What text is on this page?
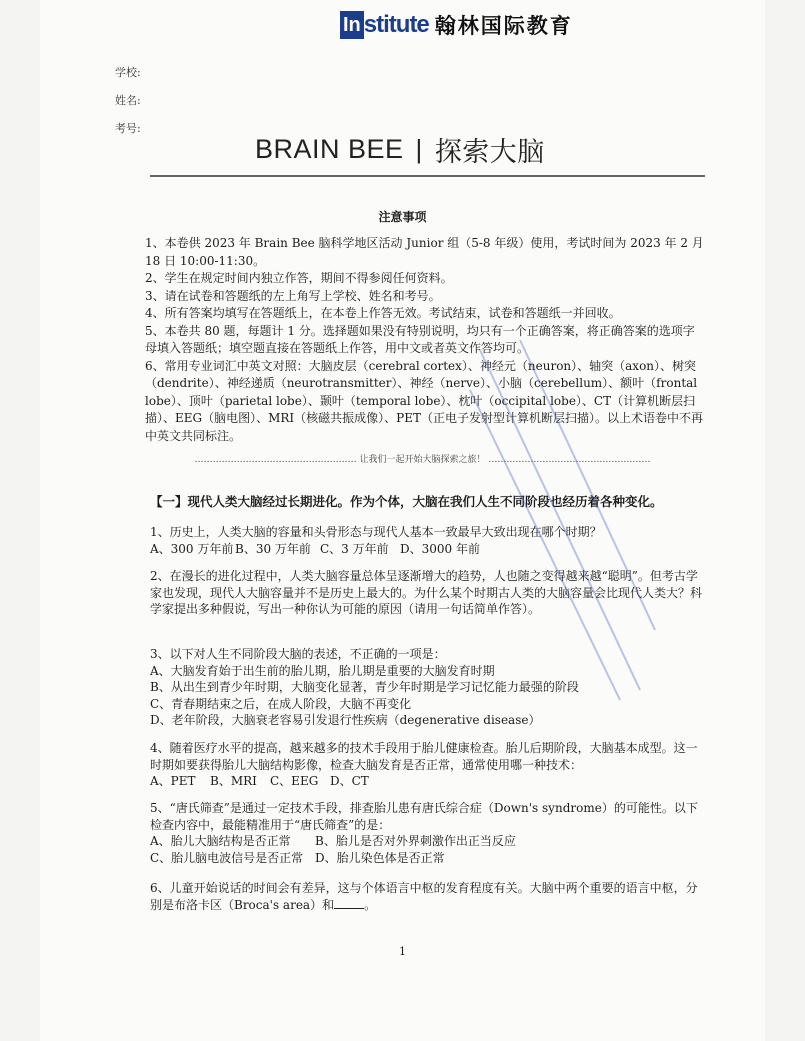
In stitute 翰林国际教育
学校:
姓名:
考号:
BRAIN BEE | 探索大脑
注意事项

1、本卷供 2023 年 Brain Bee 脑科学地区活动 Junior 组（5-8 年级）使用，考试时间为 2023 年 2 月 18 日 10:00-11:30。

2、学生在规定时间内独立作答，期间不得参阅任何资料。

3、请在试卷和答题纸的左上角写上学校、姓名和考号。

4、所有答案均填写在答题纸上，在本卷上作答无效。考试结束，试卷和答题纸一并回收。

5、本卷共 80 题，每题计 1 分。选择题如果没有特别说明，均只有一个正确答案，将正确答案的选项字母填入答题纸；填空题直接在答题纸上作答，用中文或者英文作答均可。

6、常用专业词汇中英文对照：大脑皮层（cerebral cortex）、神经元（neuron）、轴突（axon）、树突（dendrite）、神经递质（neurotransmitter）、神经（nerve）、小脑（cerebellum）、额叶（frontal lobe）、顶叶（parietal lobe）、颞叶（temporal lobe）、枕叶（occipital lobe）、CT（计算机断层扫描）、EEG（脑电图）、MRI（核磁共振成像）、PET（正电子发射型计算机断层扫描）。以上术语卷中不再中英文共同标注。

……………………………………………… 让我们一起开始大脑探索之旅！ ………………………………………………
【一】现代人类大脑经过长期进化。作为个体，大脑在我们人生不同阶段也经历着各种变化。

1、历史上，人类大脑的容量和头骨形态与现代人基本一致最早大致出现在哪个时期？

A、300 万年前 B、30 万年前 C、3 万年前 D、3000 年前

2、在漫长的进化过程中，人类大脑容量总体呈逐渐增大的趋势，人也随之变得越来越“聪明”。但考古学家也发现，现代人大脑容量并不是历史上最大的。为什么某个时期古人类的大脑容量会比现代人类大？科学家提出多种假说，写出一种你认为可能的原因（请用一句话简单作答）。

3、以下对人生不同阶段大脑的表述，不正确的一项是：

A、大脑发育始于出生前的胎儿期，胎儿期是重要的大脑发育时期

B、从出生到青少年时期，大脑变化显著，青少年时期是学习记忆能力最强的阶段

C、青春期结束之后，在成人阶段，大脑不再变化

D、老年阶段，大脑衰老容易引发退行性疾病（degenerative disease）

4、随着医疗水平的提高，越来越多的技术手段用于胎儿健康检查。胎儿后期阶段，大脑基本成型。这一时期如要获得胎儿大脑结构影像，检查大脑发育是否正常，通常使用哪一种技术：

A、PET	B、MRI	C、EEG D、CT

5、“唐氏筛查”是通过一定技术手段，排查胎儿患有唐氏综合症（Down's syndrome）的可能性。以下检查内容中，最能精准用于“唐氏筛查”的是：

A、胎儿大脑结构是否正常	B、胎儿是否对外界刺激作出正当反应

C、胎儿脑电波信号是否正常 D、胎儿染色体是否正常

6、儿童开始说话的时间会有差异，这与个体语言中枢的发育程度有关。大脑中两个重要的语言中枢，分别是布洛卡区（Broca's area）和	。

1
